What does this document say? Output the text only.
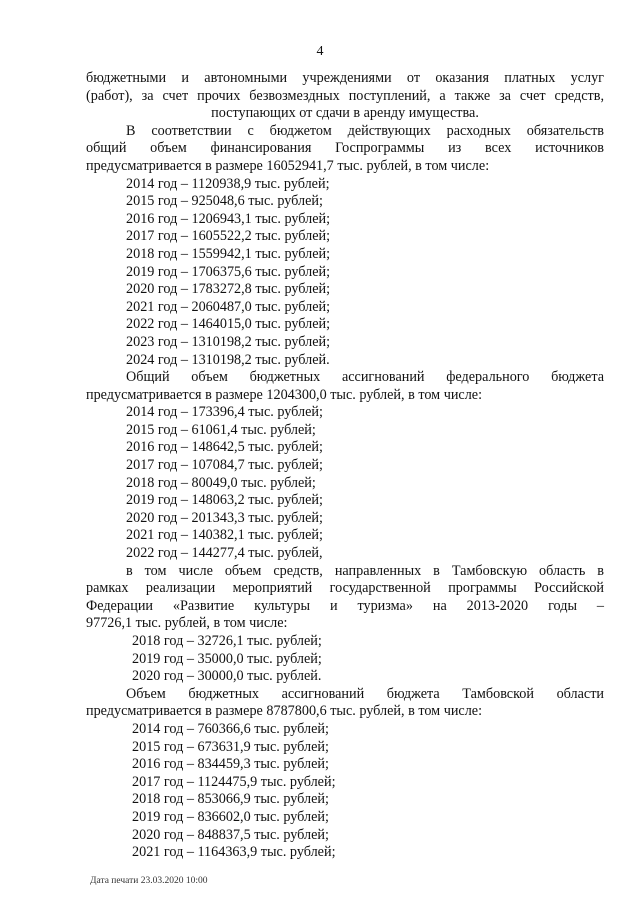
4

бюджетными и автономными учреждениями от оказания платных услуг

(работ), за счет прочих безвозмездных поступлений, а также за счет средств,

поступающих от сдачи в аренду имущества.

В соответствии с бюджетом действующих расходных обязательств

общий объем финансирования Госпрограммы из всех источников

предусматривается в размере 16052941,7 тыс. рублей, в том числе:

2014 год – 1120938,9 тыс. рублей;

2015 год – 925048,6 тыс. рублей;

2016 год – 1206943,1 тыс. рублей;

2017 год – 1605522,2 тыс. рублей;

2018 год – 1559942,1 тыс. рублей;

2019 год – 1706375,6 тыс. рублей;

2020 год – 1783272,8 тыс. рублей;

2021 год – 2060487,0 тыс. рублей;

2022 год – 1464015,0 тыс. рублей;

2023 год – 1310198,2 тыс. рублей;

2024 год – 1310198,2 тыс. рублей.

Общий объем бюджетных ассигнований федерального бюджета

предусматривается в размере 1204300,0 тыс. рублей, в том числе:

2014 год – 173396,4 тыс. рублей;

2015 год – 61061,4 тыс. рублей;

2016 год – 148642,5 тыс. рублей;

2017 год – 107084,7 тыс. рублей;

2018 год – 80049,0 тыс. рублей;

2019 год – 148063,2 тыс. рублей;

2020 год – 201343,3 тыс. рублей;

2021 год – 140382,1 тыс. рублей;

2022 год – 144277,4 тыс. рублей,

в том числе объем средств, направленных в Тамбовскую область в

рамках реализации мероприятий государственной программы Российской

Федерации «Развитие культуры и туризма» на 2013-2020 годы –

97726,1 тыс. рублей, в том числе:

2018 год – 32726,1 тыс. рублей;

2019 год – 35000,0 тыс. рублей;

2020 год – 30000,0 тыс. рублей.

Объем бюджетных ассигнований бюджета Тамбовской области

предусматривается в размере 8787800,6 тыс. рублей, в том числе:

2014 год – 760366,6 тыс. рублей;

2015 год – 673631,9 тыс. рублей;

2016 год – 834459,3 тыс. рублей;

2017 год – 1124475,9 тыс. рублей;

2018 год – 853066,9 тыс. рублей;

2019 год – 836602,0 тыс. рублей;

2020 год – 848837,5 тыс. рублей;

2021 год – 1164363,9 тыс. рублей;

Дата печати 23.03.2020 10:00
